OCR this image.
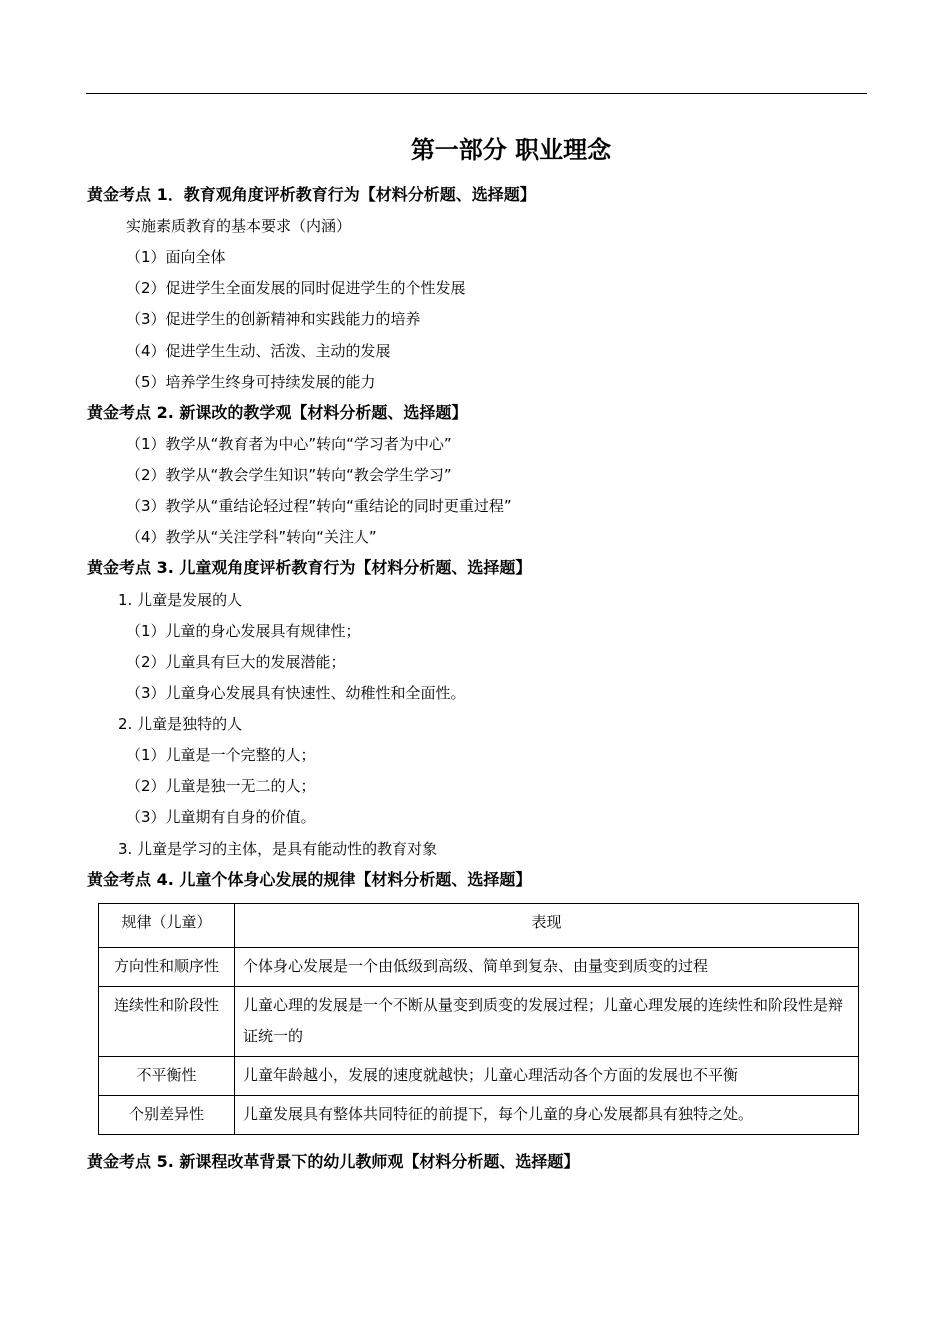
第一部分 职业理念
黄金考点 1．教育观角度评析教育行为【材料分析题、选择题】
实施素质教育的基本要求（内涵）
（1）面向全体
（2）促进学生全面发展的同时促进学生的个性发展
（3）促进学生的创新精神和实践能力的培养
（4）促进学生生动、活泼、主动的发展
（5）培养学生终身可持续发展的能力
黄金考点 2. 新课改的教学观【材料分析题、选择题】
（1）教学从“教育者为中心”转向“学习者为中心”
（2）教学从“教会学生知识”转向“教会学生学习”
（3）教学从“重结论轻过程”转向“重结论的同时更重过程”
（4）教学从“关注学科”转向“关注人”
黄金考点 3. 儿童观角度评析教育行为【材料分析题、选择题】
1. 儿童是发展的人
（1）儿童的身心发展具有规律性；
（2）儿童具有巨大的发展潜能；
（3）儿童身心发展具有快速性、幼稚性和全面性。
2. 儿童是独特的人
（1）儿童是一个完整的人；
（2）儿童是独一无二的人；
（3）儿童期有自身的价值。
3. 儿童是学习的主体，是具有能动性的教育对象
黄金考点 4. 儿童个体身心发展的规律【材料分析题、选择题】
规律（儿童）	表现
方向性和顺序性	个体身心发展是一个由低级到高级、简单到复杂、由量变到质变的过程
连续性和阶段性	儿童心理的发展是一个不断从量变到质变的发展过程；儿童心理发展的连续性和阶段性是辩证统一的
不平衡性	儿童年龄越小，发展的速度就越快；儿童心理活动各个方面的发展也不平衡
个别差异性	儿童发展具有整体共同特征的前提下，每个儿童的身心发展都具有独特之处。
黄金考点 5. 新课程改革背景下的幼儿教师观【材料分析题、选择题】
